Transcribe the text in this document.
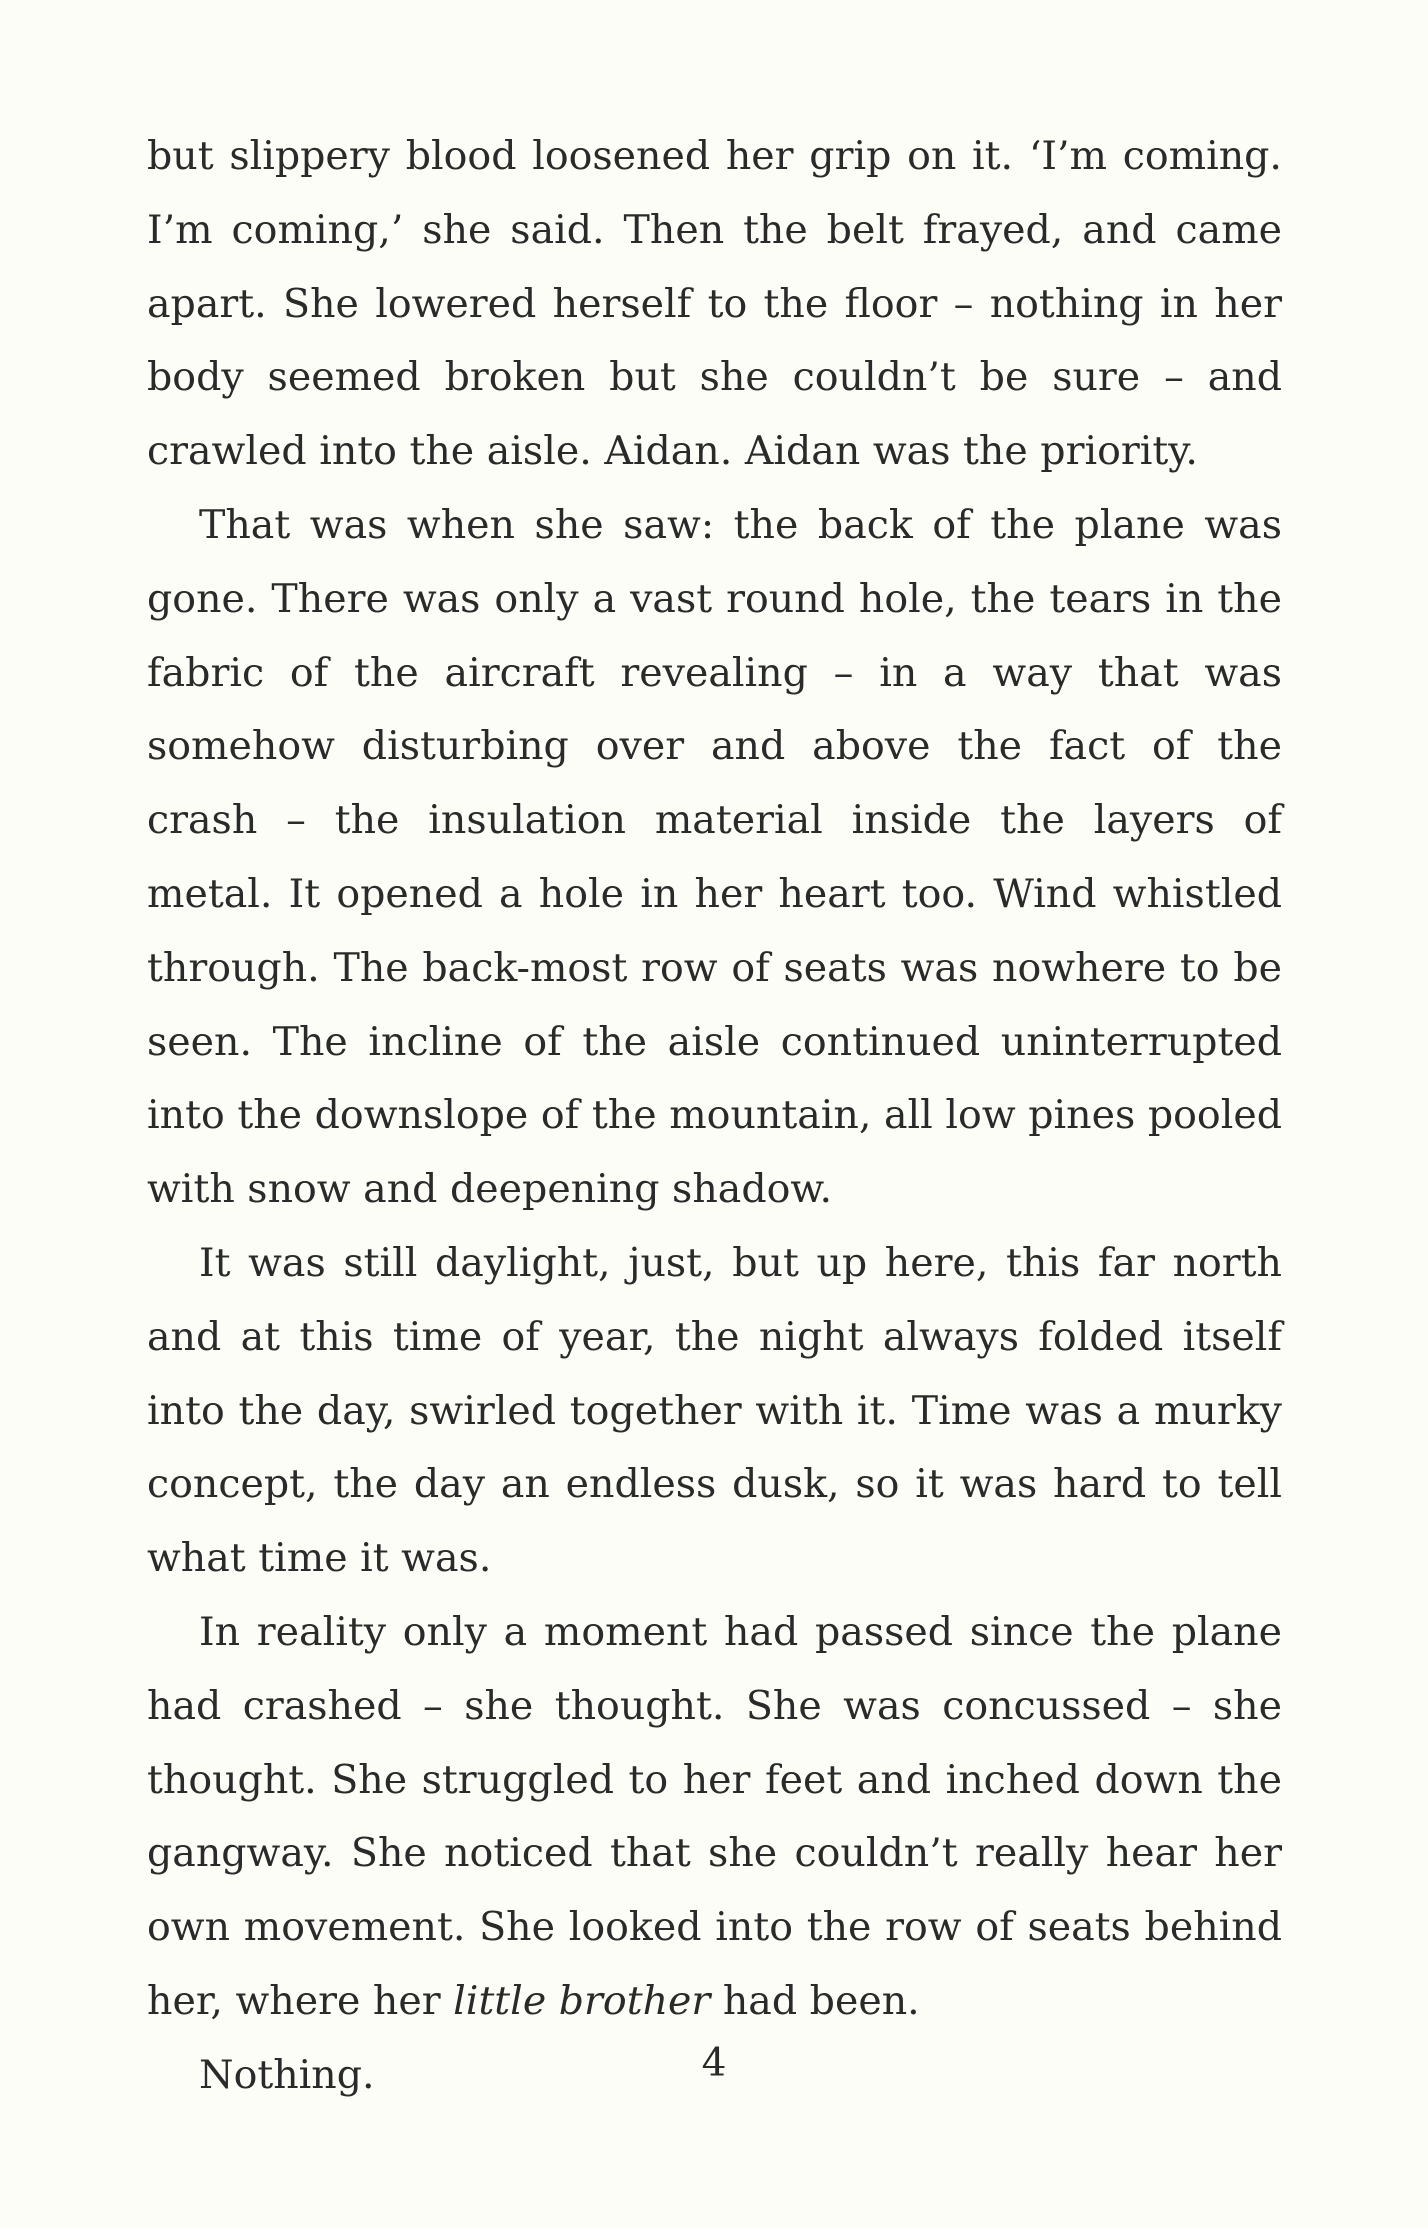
but slippery blood loosened her grip on it. ‘I’m coming. I’m coming,’ she said. Then the belt frayed, and came apart. She lowered herself to the floor – nothing in her body seemed broken but she couldn’t be sure – and crawled into the aisle. Aidan. Aidan was the priority.

That was when she saw: the back of the plane was gone. There was only a vast round hole, the tears in the fabric of the aircraft revealing – in a way that was somehow disturbing over and above the fact of the crash – the insulation material inside the layers of metal. It opened a hole in her heart too. Wind whistled through. The back-most row of seats was nowhere to be seen. The incline of the aisle continued uninterrupted into the downslope of the mountain, all low pines pooled with snow and deepening shadow.

It was still daylight, just, but up here, this far north and at this time of year, the night always folded itself into the day, swirled together with it. Time was a murky concept, the day an endless dusk, so it was hard to tell what time it was.

In reality only a moment had passed since the plane had crashed – she thought. She was concussed – she thought. She struggled to her feet and inched down the gangway. She noticed that she couldn’t really hear her own movement. She looked into the row of seats behind her, where her little brother had been.

Nothing.	4
